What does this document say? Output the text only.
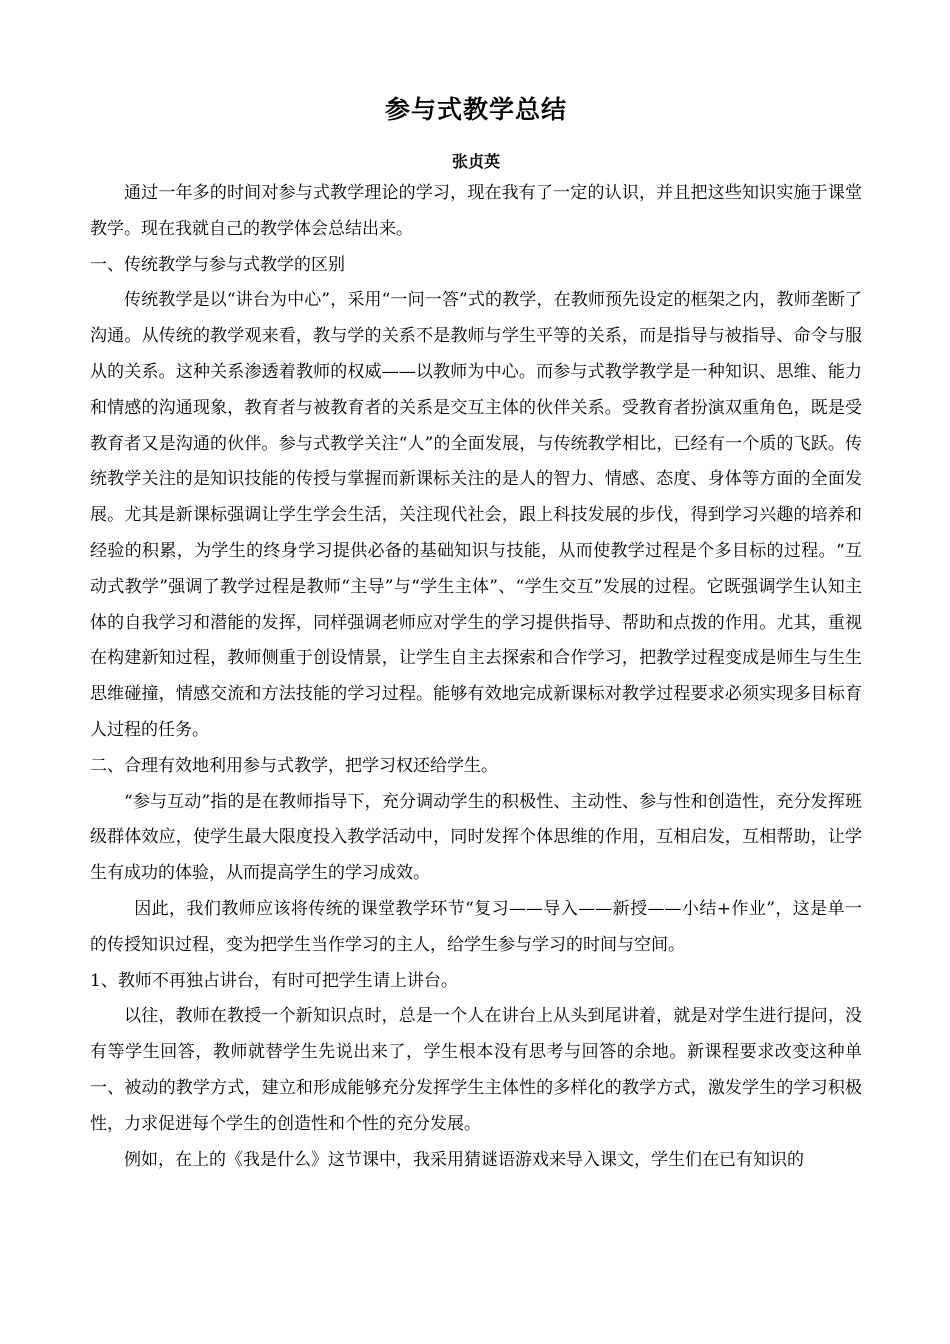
参与式教学总结
张贞英

通过一年多的时间对参与式教学理论的学习，现在我有了一定的认识，并且把这些知识实施于课堂教学。现在我就自己的教学体会总结出来。

一、传统教学与参与式教学的区别

传统教学是以“讲台为中心”，采用“一问一答”式的教学，在教师预先设定的框架之内，教师垄断了沟通。从传统的教学观来看，教与学的关系不是教师与学生平等的关系，而是指导与被指导、命令与服从的关系。这种关系渗透着教师的权威——以教师为中心。而参与式教学教学是一种知识、思维、能力和情感的沟通现象，教育者与被教育者的关系是交互主体的伙伴关系。受教育者扮演双重角色，既是受教育者又是沟通的伙伴。参与式教学关注“人”的全面发展，与传统教学相比，已经有一个质的飞跃。传统教学关注的是知识技能的传授与掌握而新课标关注的是人的智力、情感、态度、身体等方面的全面发展。尤其是新课标强调让学生学会生活，关注现代社会，跟上科技发展的步伐，得到学习兴趣的培养和经验的积累，为学生的终身学习提供必备的基础知识与技能，从而使教学过程是个多目标的过程。“互动式教学”强调了教学过程是教师“主导”与“学生主体”、“学生交互”发展的过程。它既强调学生认知主体的自我学习和潜能的发挥，同样强调老师应对学生的学习提供指导、帮助和点拨的作用。尤其，重视在构建新知过程，教师侧重于创设情景，让学生自主去探索和合作学习，把教学过程变成是师生与生生思维碰撞，情感交流和方法技能的学习过程。能够有效地完成新课标对教学过程要求必须实现多目标育人过程的任务。

二、合理有效地利用参与式教学，把学习权还给学生。

“参与互动”指的是在教师指导下，充分调动学生的积极性、主动性、参与性和创造性，充分发挥班级群体效应，使学生最大限度投入教学活动中，同时发挥个体思维的作用，互相启发，互相帮助，让学生有成功的体验，从而提高学生的学习成效。

因此，我们教师应该将传统的课堂教学环节“复习——导入——新授——小结+作业”，这是单一的传授知识过程，变为把学生当作学习的主人，给学生参与学习的时间与空间。

1、教师不再独占讲台，有时可把学生请上讲台。

以往，教师在教授一个新知识点时，总是一个人在讲台上从头到尾讲着，就是对学生进行提问，没有等学生回答，教师就替学生先说出来了，学生根本没有思考与回答的余地。新课程要求改变这种单一、被动的教学方式，建立和形成能够充分发挥学生主体性的多样化的教学方式，激发学生的学习积极性，力求促进每个学生的创造性和个性的充分发展。

例如，在上的《我是什么》这节课中，我采用猜谜语游戏来导入课文，学生们在已有知识的
